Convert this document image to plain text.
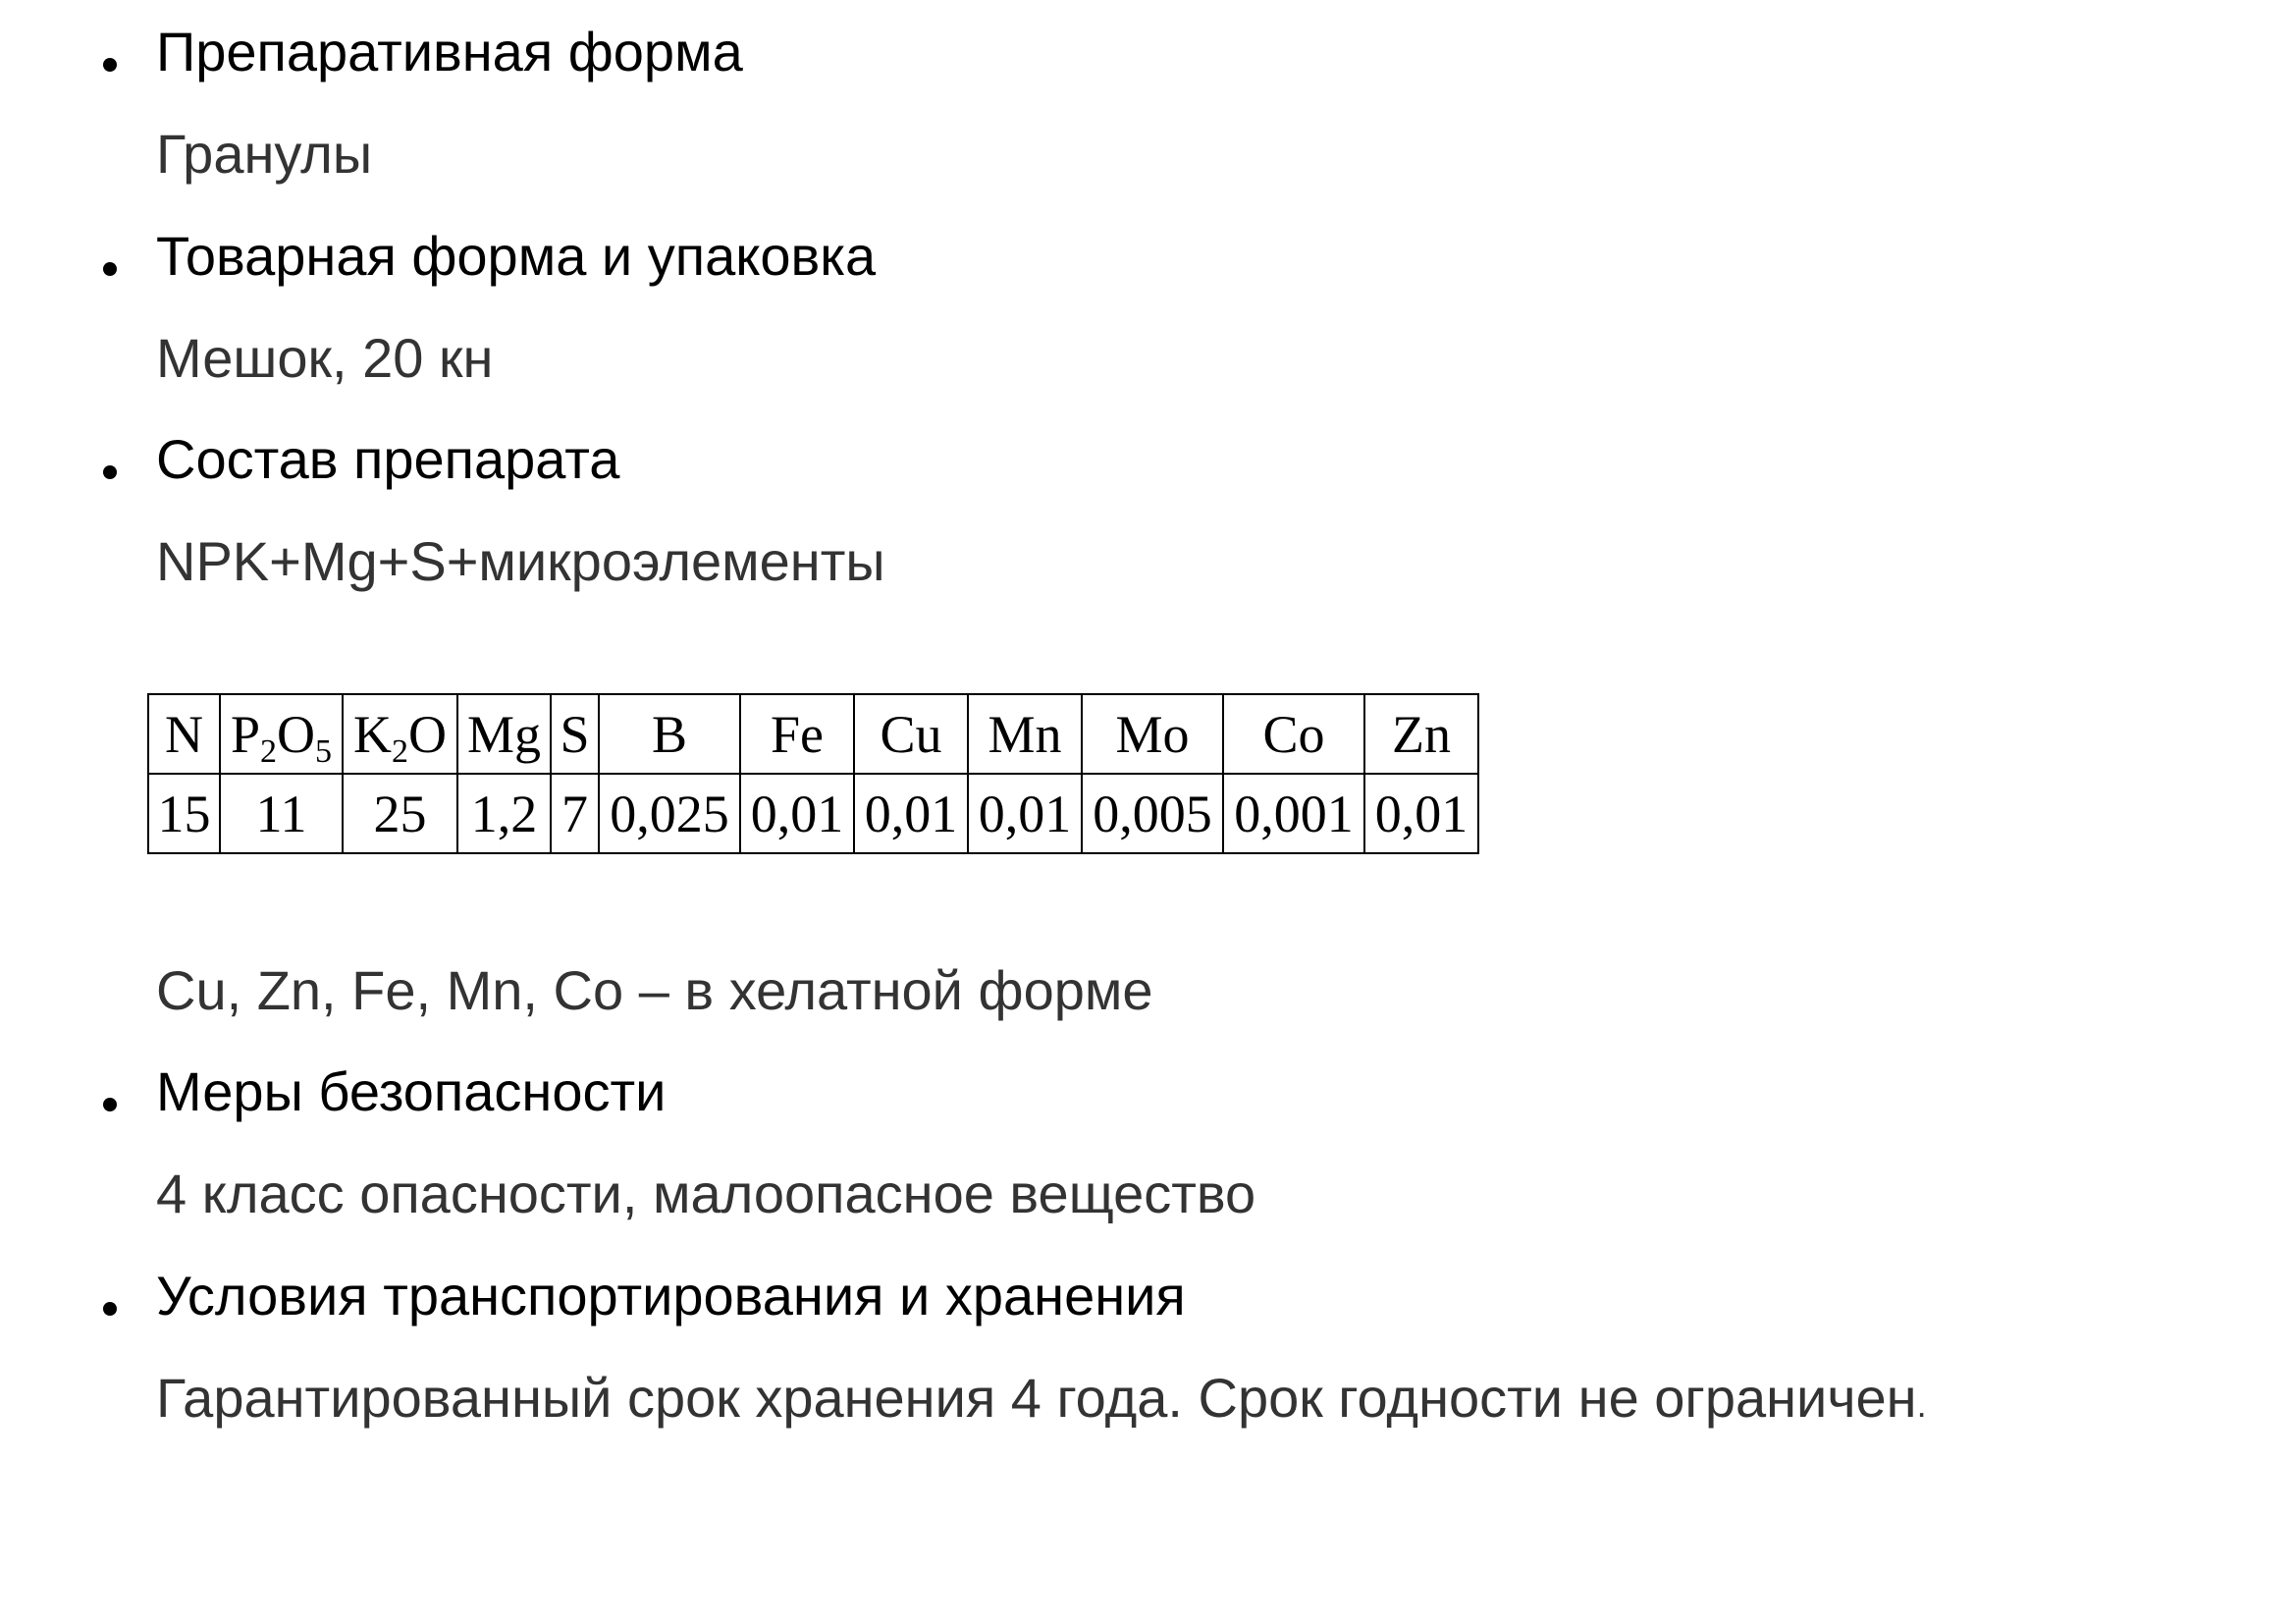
Препаративная форма
Гранулы
Товарная форма и упаковка
Мешок, 20 кн
Состав препарата
NPK+Mg+S+микроэлементы
N	$P_2O_5$	$K_2O$	Mg	S	B	Fe	Cu	Mn	Mo	Co	Zn
15	11	25	1,2	7	0,025	0,01	0,01	0,01	0,005	0,001	0,01
Cu, Zn, Fe, Mn, Co – в хелатной форме
Меры безопасности
4 класс опасности, малоопасное вещество
Условия транспортирования и хранения
Гарантированный срок хранения 4 года. Срок годности не ограничен.
